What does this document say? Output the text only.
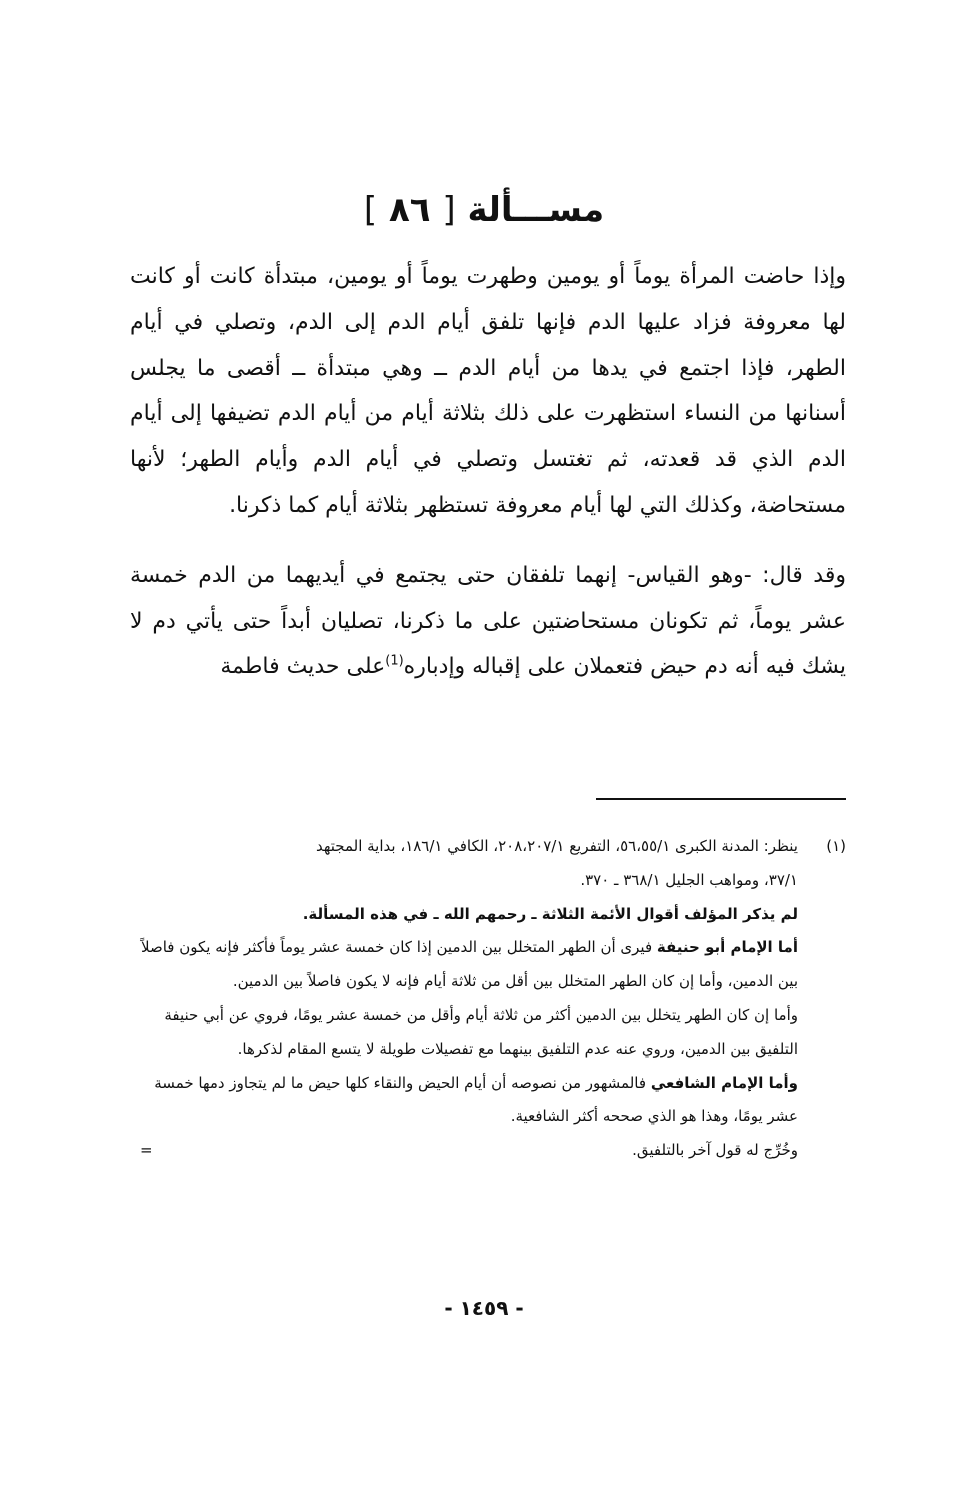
[ ٨٦ ] مســـألة

وإذا حاضت المرأة يوماً أو يومين وطهرت يوماً أو يومين، مبتدأة كانت أو كانت لها معروفة فزاد عليها الدم فإنها تلفق أيام الدم إلى الدم، وتصلي في أيام الطهر، فإذا اجتمع في يدها من أيام الدم ــ وهي مبتدأة ــ أقصى ما يجلس أسنانها من النساء استظهرت على ذلك بثلاثة أيام من أيام الدم تضيفها إلى أيام الدم الذي قد قعدته، ثم تغتسل وتصلي في أيام الدم وأيام الطهر؛ لأنها مستحاضة، وكذلك التي لها أيام معروفة تستظهر بثلاثة أيام كما ذكرنا.

وقد قال: -وهو القياس- إنهما تلفقان حتى يجتمع في أيديهما من الدم خمسة عشر يوماً، ثم تكونان مستحاضتين على ما ذكرنا، تصليان أبداً حتى يأتي دم لا يشك فيه أنه دم حيض فتعملان على إقباله وإدباره$^{(1)}$على حديث فاطمة

(١)
ينظر: المدنة الكبرى ٥٦،٥٥/١، التفريع ٢٠٨،٢٠٧/١، الكافي ١٨٦/١، بداية المجتهد
٣٧/١، ومواهب الجليل ٣٦٨/١ ـ ٣٧٠.
لم يذكر المؤلف أقوال الأئمة الثلاثة ـ رحمهم الله ـ في هذه المسألة.
أما الإمام أبو حنيفة فيرى أن الطهر المتخلل بين الدمين إذا كان خمسة عشر يوماً فأكثر فإنه يكون فاصلاً بين الدمين، وأما إن كان الطهر المتخلل بين أقل من ثلاثة أيام فإنه لا يكون فاصلاً بين الدمين.
وأما إن كان الطهر يتخلل بين الدمين أكثر من ثلاثة أيام وأقل من خمسة عشر يومًا، فروي عن أبي حنيفة التلفيق بين الدمين، وروي عنه عدم التلفيق بينهما مع تفصيلات طويلة لا يتسع المقام لذكرها.
وأما الإمام الشافعي فالمشهور من نصوصه أن أيام الحيض والنقاء كلها حيض ما لم يتجاوز دمها خمسة عشر يومًا، وهذا هو الذي صححه أكثر الشافعية.
وخُرِّج له قول آخر بالتلفيق.
=
- ١٤٥٩ -
